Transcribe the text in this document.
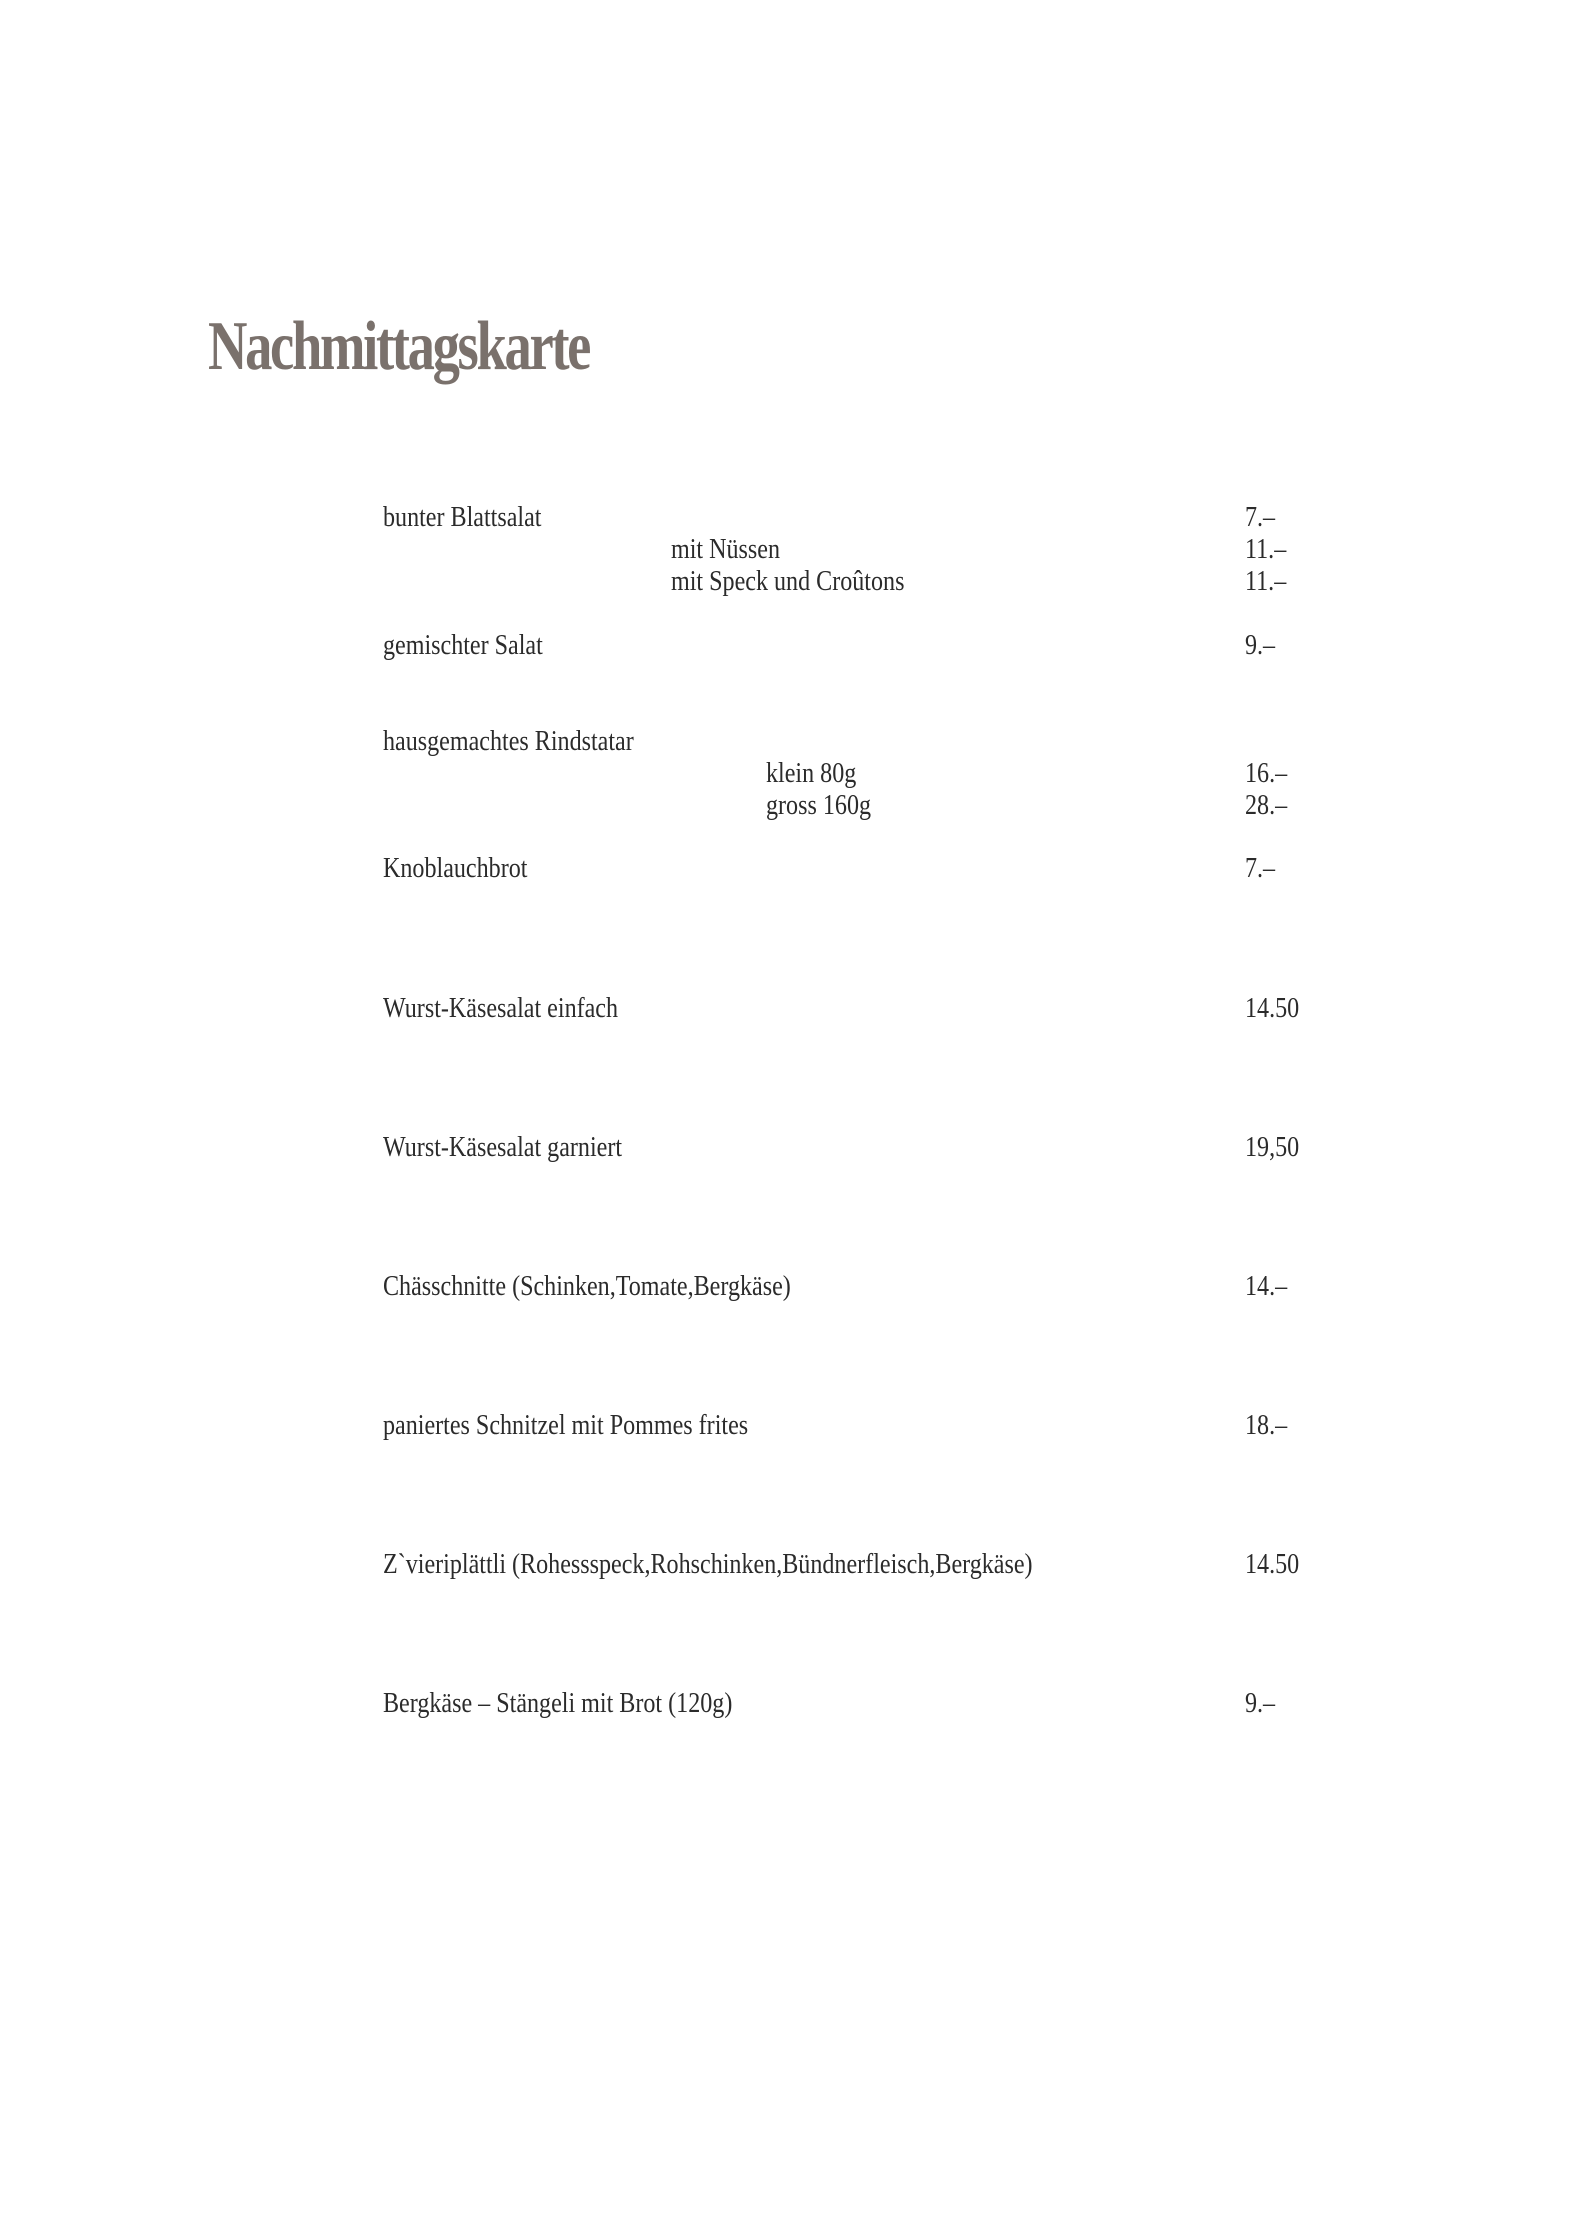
Nachmittagskarte
bunter Blattsalat	7.–
mit Nüssen	11.–
mit Speck und Croûtons	11.–
gemischter Salat	9.–
hausgemachtes Rindstatar
klein 80g	16.–
gross 160g	28.–
Knoblauchbrot	7.–
Wurst-Käsesalat einfach	14.50
Wurst-Käsesalat garniert	19,50
Chässchnitte (Schinken,Tomate,Bergkäse)	14.–
paniertes Schnitzel mit Pommes frites	18.–
Z`vieriplättli (Rohessspeck,Rohschinken,Bündnerfleisch,Bergkäse)	14.50
Bergkäse – Stängeli mit Brot (120g)	9.–
